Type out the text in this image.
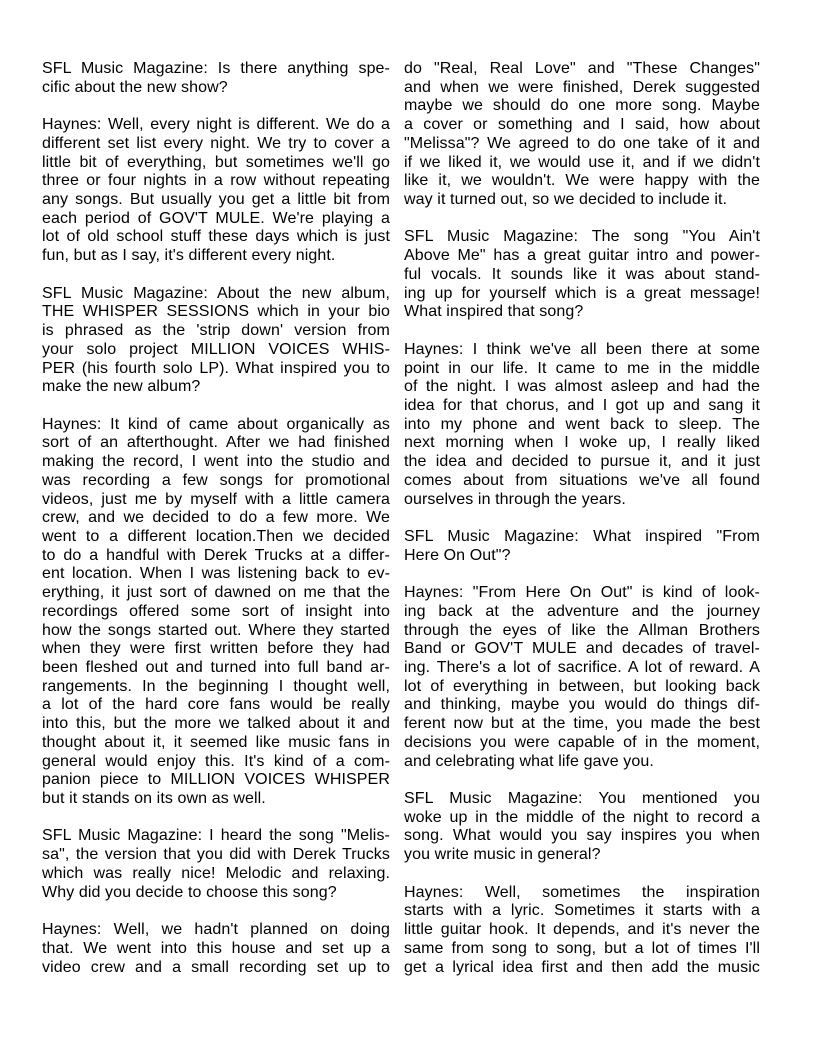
SFL Music Magazine: Is there anything spe-
cific about the new show?
Haynes: Well, every night is different. We do a
different set list every night. We try to cover a
little bit of everything, but sometimes we'll go
three or four nights in a row without repeating
any songs. But usually you get a little bit from
each period of GOV'T MULE. We're playing a
lot of old school stuff these days which is just
fun, but as I say, it's different every night.
SFL Music Magazine: About the new album,
THE WHISPER SESSIONS which in your bio
is phrased as the 'strip down' version from
your solo project MILLION VOICES WHIS-
PER (his fourth solo LP). What inspired you to
make the new album?
Haynes: It kind of came about organically as
sort of an afterthought. After we had finished
making the record, I went into the studio and
was recording a few songs for promotional
videos, just me by myself with a little camera
crew, and we decided to do a few more. We
went to a different location.Then we decided
to do a handful with Derek Trucks at a differ-
ent location. When I was listening back to ev-
erything, it just sort of dawned on me that the
recordings offered some sort of insight into
how the songs started out. Where they started
when they were first written before they had
been fleshed out and turned into full band ar-
rangements. In the beginning I thought well,
a lot of the hard core fans would be really
into this, but the more we talked about it and
thought about it, it seemed like music fans in
general would enjoy this. It's kind of a com-
panion piece to MILLION VOICES WHISPER
but it stands on its own as well.
SFL Music Magazine: I heard the song "Melis-
sa", the version that you did with Derek Trucks
which was really nice! Melodic and relaxing.
Why did you decide to choose this song?
Haynes: Well, we hadn't planned on doing
that. We went into this house and set up a
video crew and a small recording set up to
do "Real, Real Love" and "These Changes"
and when we were finished, Derek suggested
maybe we should do one more song. Maybe
a cover or something and I said, how about
"Melissa"? We agreed to do one take of it and
if we liked it, we would use it, and if we didn't
like it, we wouldn't. We were happy with the
way it turned out, so we decided to include it.
SFL Music Magazine: The song "You Ain't
Above Me" has a great guitar intro and power-
ful vocals. It sounds like it was about stand-
ing up for yourself which is a great message!
What inspired that song?
Haynes: I think we've all been there at some
point in our life. It came to me in the middle
of the night. I was almost asleep and had the
idea for that chorus, and I got up and sang it
into my phone and went back to sleep. The
next morning when I woke up, I really liked
the idea and decided to pursue it, and it just
comes about from situations we've all found
ourselves in through the years.
SFL Music Magazine: What inspired "From
Here On Out"?
Haynes: "From Here On Out" is kind of look-
ing back at the adventure and the journey
through the eyes of like the Allman Brothers
Band or GOV'T MULE and decades of travel-
ing. There's a lot of sacrifice. A lot of reward. A
lot of everything in between, but looking back
and thinking, maybe you would do things dif-
ferent now but at the time, you made the best
decisions you were capable of in the moment,
and celebrating what life gave you.
SFL Music Magazine: You mentioned you
woke up in the middle of the night to record a
song. What would you say inspires you when
you write music in general?
Haynes: Well, sometimes the inspiration
starts with a lyric. Sometimes it starts with a
little guitar hook. It depends, and it's never the
same from song to song, but a lot of times I'll
get a lyrical idea first and then add the music
